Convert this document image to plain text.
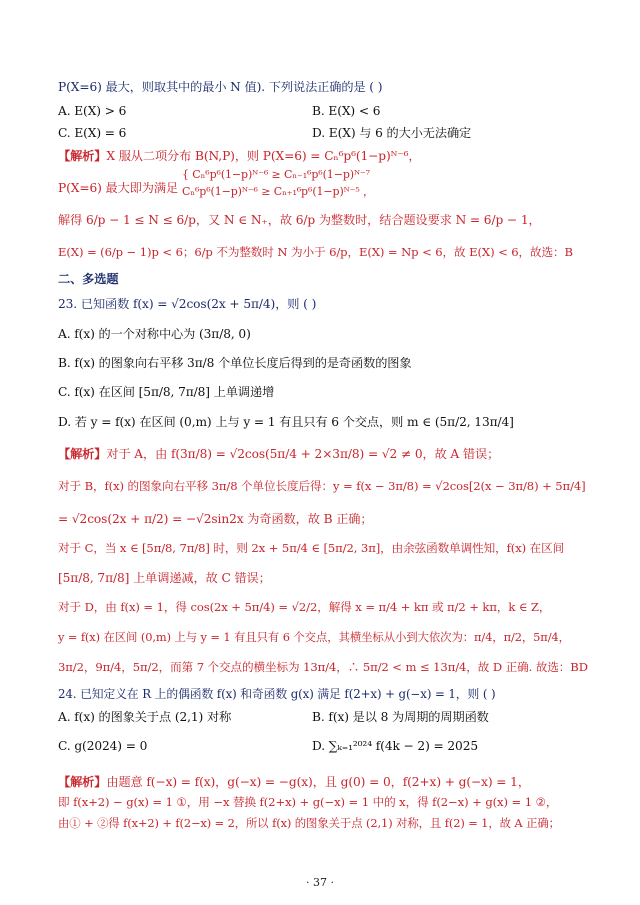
P(X=6) 最大，则取其中的最小 N 值). 下列说法正确的是 ( )
A. E(X) > 6	B. E(X) < 6
C. E(X) = 6	D. E(X) 与 6 的大小无法确定
【解析】X 服从二项分布 B(N,P)，则 P(X=6) = Cₙ⁶p⁶(1−p)ᴺ⁻⁶，
P(X=6) 最大即为满足
{ Cₙ⁶p⁶(1−p)ᴺ⁻⁶ ≥ Cₙ₋₁⁶p⁶(1−p)ᴺ⁻⁷
Cₙ⁶p⁶(1−p)ᴺ⁻⁶ ≥ Cₙ₊₁⁶p⁶(1−p)ᴺ⁻⁵ ，
解得 6/p − 1 ≤ N ≤ 6/p，又 N ∈ N₊，故 6/p 为整数时，结合题设要求 N = 6/p − 1，
E(X) = (6/p − 1)p < 6；6/p 不为整数时 N 为小于 6/p，E(X) = Np < 6，故 E(X) < 6，故选：B
二、多选题
23. 已知函数 f(x) = √2cos(2x + 5π/4)，则 ( )
A. f(x) 的一个对称中心为 (3π/8, 0)
B. f(x) 的图象向右平移 3π/8 个单位长度后得到的是奇函数的图象
C. f(x) 在区间 [5π/8, 7π/8] 上单调递增
D. 若 y = f(x) 在区间 (0,m) 上与 y = 1 有且只有 6 个交点，则 m ∈ (5π/2, 13π/4]
【解析】对于 A，由 f(3π/8) = √2cos(5π/4 + 2×3π/8) = √2 ≠ 0，故 A 错误；
对于 B，f(x) 的图象向右平移 3π/8 个单位长度后得：y = f(x − 3π/8) = √2cos[2(x − 3π/8) + 5π/4]
= √2cos(2x + π/2) = −√2sin2x 为奇函数，故 B 正确；
对于 C，当 x ∈ [5π/8, 7π/8] 时，则 2x + 5π/4 ∈ [5π/2, 3π]，由余弦函数单调性知，f(x) 在区间
[5π/8, 7π/8] 上单调递减，故 C 错误；
对于 D，由 f(x) = 1，得 cos(2x + 5π/4) = √2/2，解得 x = π/4 + kπ 或 π/2 + kπ，k ∈ Z，
y = f(x) 在区间 (0,m) 上与 y = 1 有且只有 6 个交点，其横坐标从小到大依次为：π/4，π/2，5π/4，
3π/2，9π/4，5π/2，而第 7 个交点的横坐标为 13π/4，∴ 5π/2 < m ≤ 13π/4，故 D 正确. 故选：BD
24. 已知定义在 R 上的偶函数 f(x) 和奇函数 g(x) 满足 f(2+x) + g(−x) = 1，则 ( )
A. f(x) 的图象关于点 (2,1) 对称	B. f(x) 是以 8 为周期的周期函数
C. g(2024) = 0	D. ∑ₖ₌₁²⁰²⁴ f(4k − 2) = 2025
【解析】由题意 f(−x) = f(x)，g(−x) = −g(x)，且 g(0) = 0，f(2+x) + g(−x) = 1，
即 f(x+2) − g(x) = 1 ①，用 −x 替换 f(2+x) + g(−x) = 1 中的 x，得 f(2−x) + g(x) = 1 ②，
由① + ②得 f(x+2) + f(2−x) = 2，所以 f(x) 的图象关于点 (2,1) 对称，且 f(2) = 1，故 A 正确；
· 37 ·
